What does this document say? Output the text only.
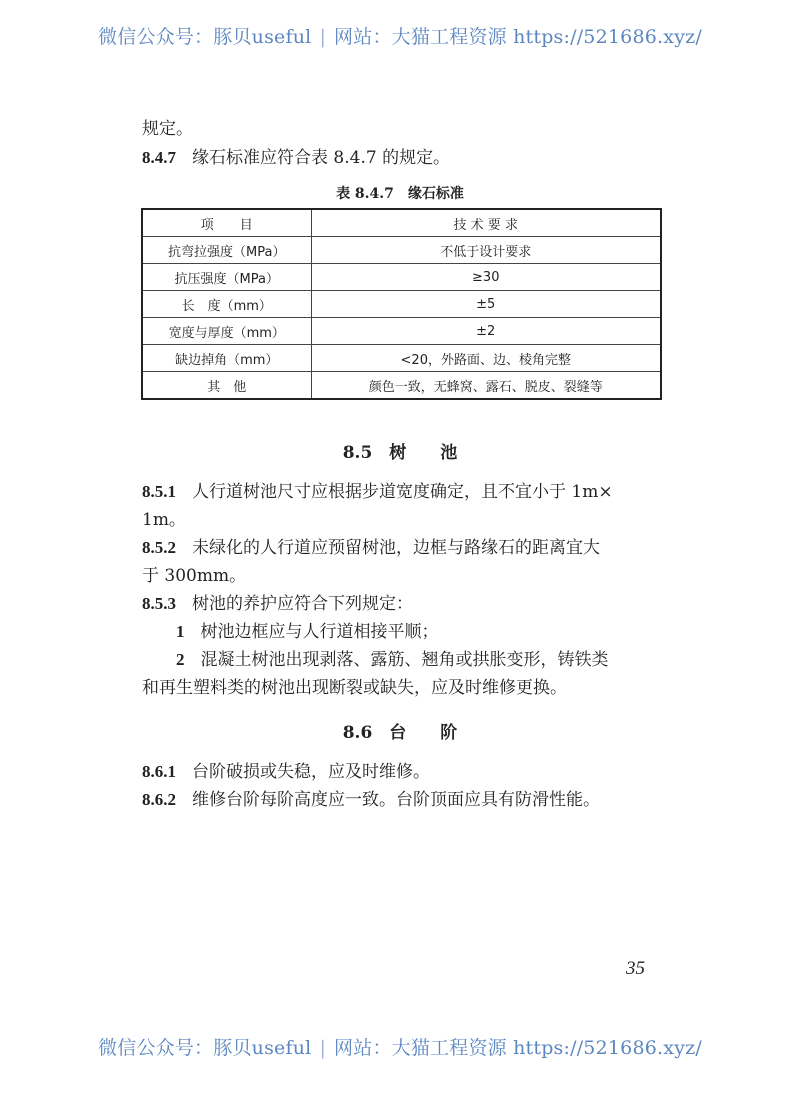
微信公众号：豚贝useful | 网站：大猫工程资源 https://521686.xyz/
规定。
8.4.7 缘石标准应符合表 8.4.7 的规定。
表 8.4.7　缘石标准
项　　目	技 术 要 求
抗弯拉强度（MPa）	不低于设计要求
抗压强度（MPa）	≥30
长　度（mm）	±5
宽度与厚度（mm）	±2
缺边掉角（mm）	<20，外路面、边、棱角完整
其　他	颜色一致，无蜂窝、露石、脱皮、裂缝等
8.5　树　　池
8.5.1 人行道树池尺寸应根据步道宽度确定，且不宜小于 1m×
1m。
8.5.2 未绿化的人行道应预留树池，边框与路缘石的距离宜大
于 300mm。
8.5.3 树池的养护应符合下列规定：
1 树池边框应与人行道相接平顺；
2 混凝土树池出现剥落、露筋、翘角或拱胀变形，铸铁类
和再生塑料类的树池出现断裂或缺失，应及时维修更换。
8.6　台　　阶
8.6.1 台阶破损或失稳，应及时维修。
8.6.2 维修台阶每阶高度应一致。台阶顶面应具有防滑性能。
35
微信公众号：豚贝useful | 网站：大猫工程资源 https://521686.xyz/
